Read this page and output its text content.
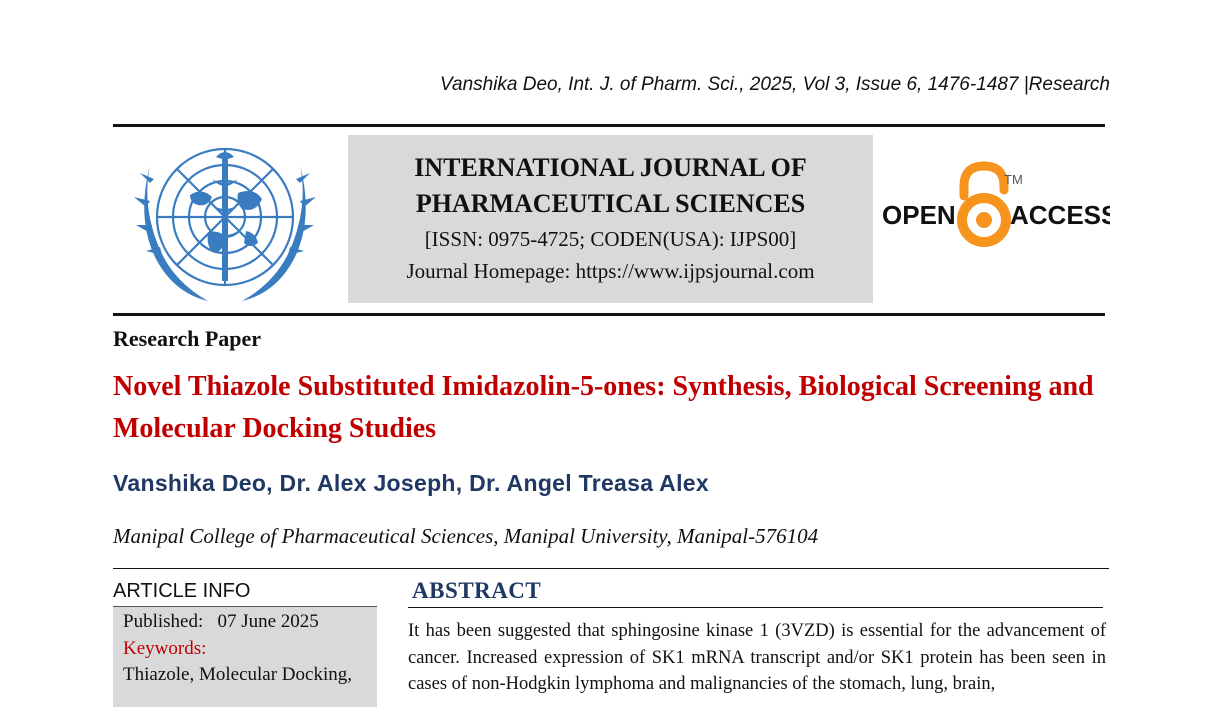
Vanshika Deo, Int. J. of Pharm. Sci., 2025, Vol 3, Issue 6, 1476-1487 |Research
INTERNATIONAL JOURNAL OF
PHARMACEUTICAL SCIENCES
[ISSN: 0975-4725; CODEN(USA): IJPS00]
Journal Homepage: https://www.ijpsjournal.com
OPEN ACCESS
TM
Research Paper
Novel Thiazole Substituted Imidazolin-5-ones: Synthesis, Biological Screening and Molecular Docking Studies
Vanshika Deo, Dr. Alex Joseph, Dr. Angel Treasa Alex
Manipal College of Pharmaceutical Sciences, Manipal University, Manipal-576104
ARTICLE INFO
Published:   07 June 2025
Keywords:
Thiazole, Molecular Docking,
ABSTRACT
It has been suggested that sphingosine kinase 1 (3VZD) is essential for the advancement of cancer. Increased expression of SK1 mRNA transcript and/or SK1 protein has been seen in cases of non-Hodgkin lymphoma and malignancies of the stomach, lung, brain,
